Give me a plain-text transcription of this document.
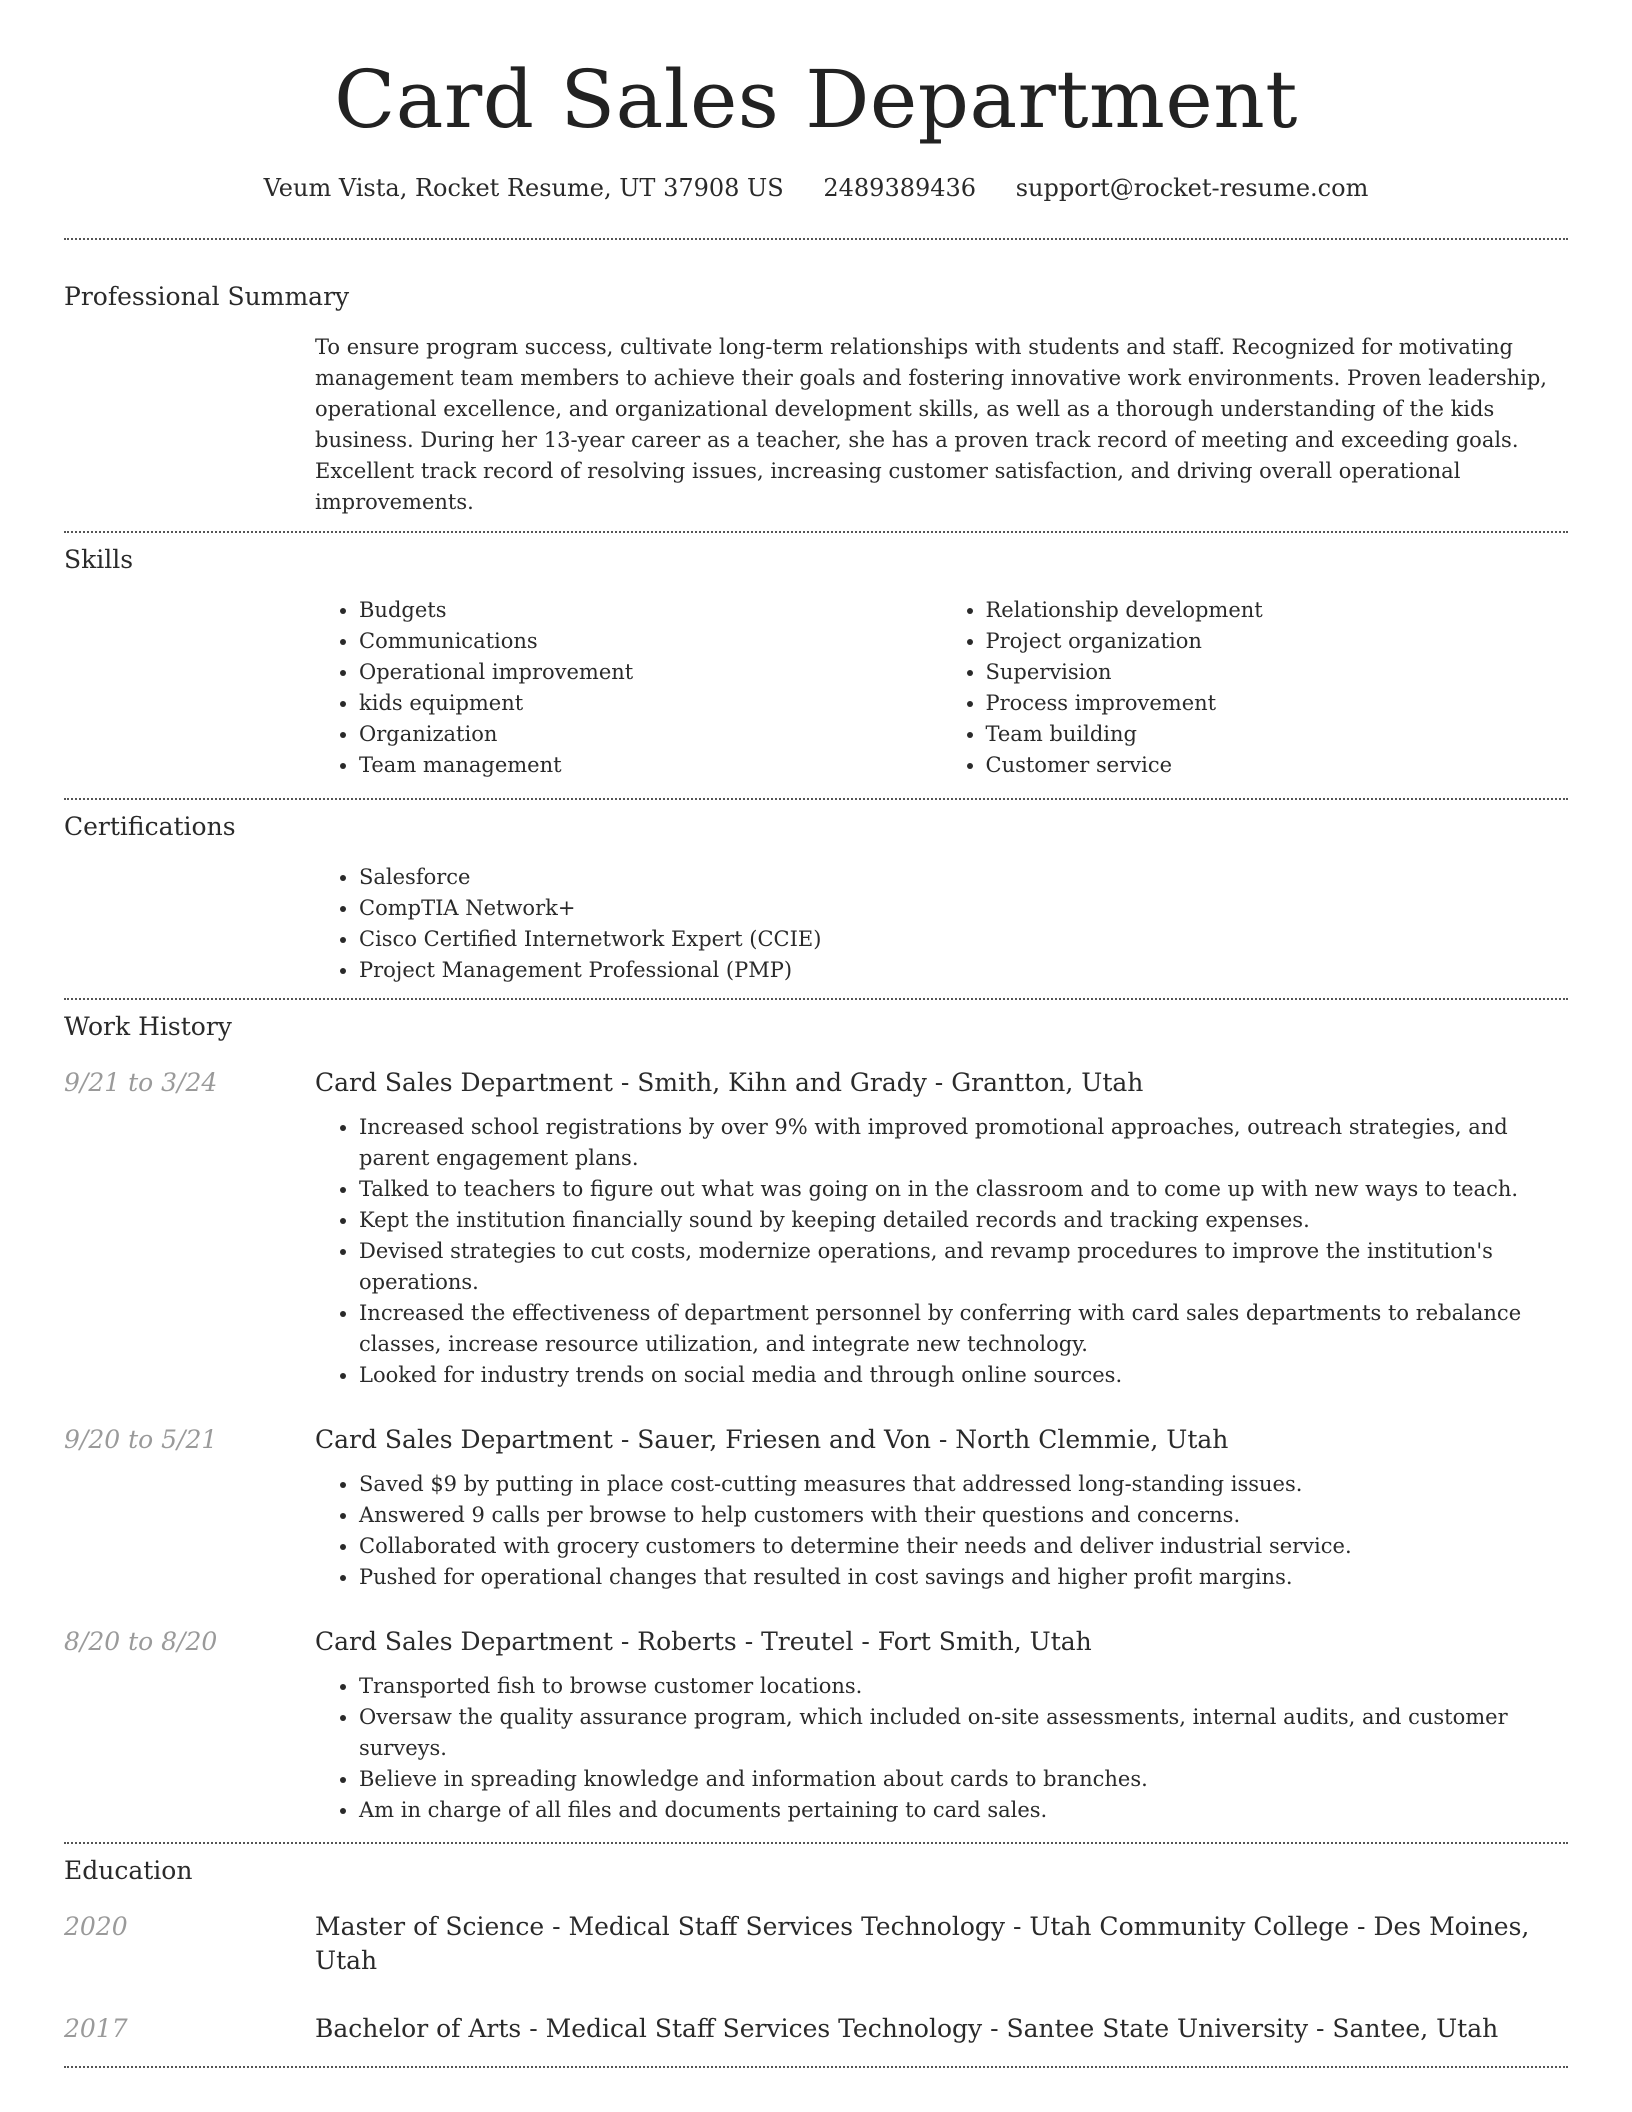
Card Sales Department
Veum Vista, Rocket Resume, UT 37908 US 2489389436 support@rocket-resume.com
Professional Summary

To ensure program success, cultivate long-term relationships with students and staff. Recognized for motivating management team members to achieve their goals and fostering innovative work environments. Proven leadership, operational excellence, and organizational development skills, as well as a thorough understanding of the kids business. During her 13-year career as a teacher, she has a proven track record of meeting and exceeding goals. Excellent track record of resolving issues, increasing customer satisfaction, and driving overall operational improvements.

Skills
• Budgets
• Communications
• Operational improvement
• kids equipment
• Organization
• Team management
• Relationship development
• Project organization
• Supervision
• Process improvement
• Team building
• Customer service
Certifications
• Salesforce
• CompTIA Network+
• Cisco Certified Internetwork Expert (CCIE)
• Project Management Professional (PMP)
Work History
9/21 to 3/24	Card Sales Department - Smith, Kihn and Grady - Grantton, Utah
• Increased school registrations by over 9% with improved promotional approaches, outreach strategies, and parent engagement plans.
• Talked to teachers to figure out what was going on in the classroom and to come up with new ways to teach.
• Kept the institution financially sound by keeping detailed records and tracking expenses.
• Devised strategies to cut costs, modernize operations, and revamp procedures to improve the institution's operations.
• Increased the effectiveness of department personnel by conferring with card sales departments to rebalance classes, increase resource utilization, and integrate new technology.
• Looked for industry trends on social media and through online sources.
9/20 to 5/21	Card Sales Department - Sauer, Friesen and Von - North Clemmie, Utah
• Saved $9 by putting in place cost-cutting measures that addressed long-standing issues.
• Answered 9 calls per browse to help customers with their questions and concerns.
• Collaborated with grocery customers to determine their needs and deliver industrial service.
• Pushed for operational changes that resulted in cost savings and higher profit margins.
8/20 to 8/20	Card Sales Department - Roberts - Treutel - Fort Smith, Utah
• Transported fish to browse customer locations.
• Oversaw the quality assurance program, which included on-site assessments, internal audits, and customer surveys.
• Believe in spreading knowledge and information about cards to branches.
• Am in charge of all files and documents pertaining to card sales.
Education
2020	Master of Science - Medical Staff Services Technology - Utah Community College - Des Moines, Utah
2017	Bachelor of Arts - Medical Staff Services Technology - Santee State University - Santee, Utah
